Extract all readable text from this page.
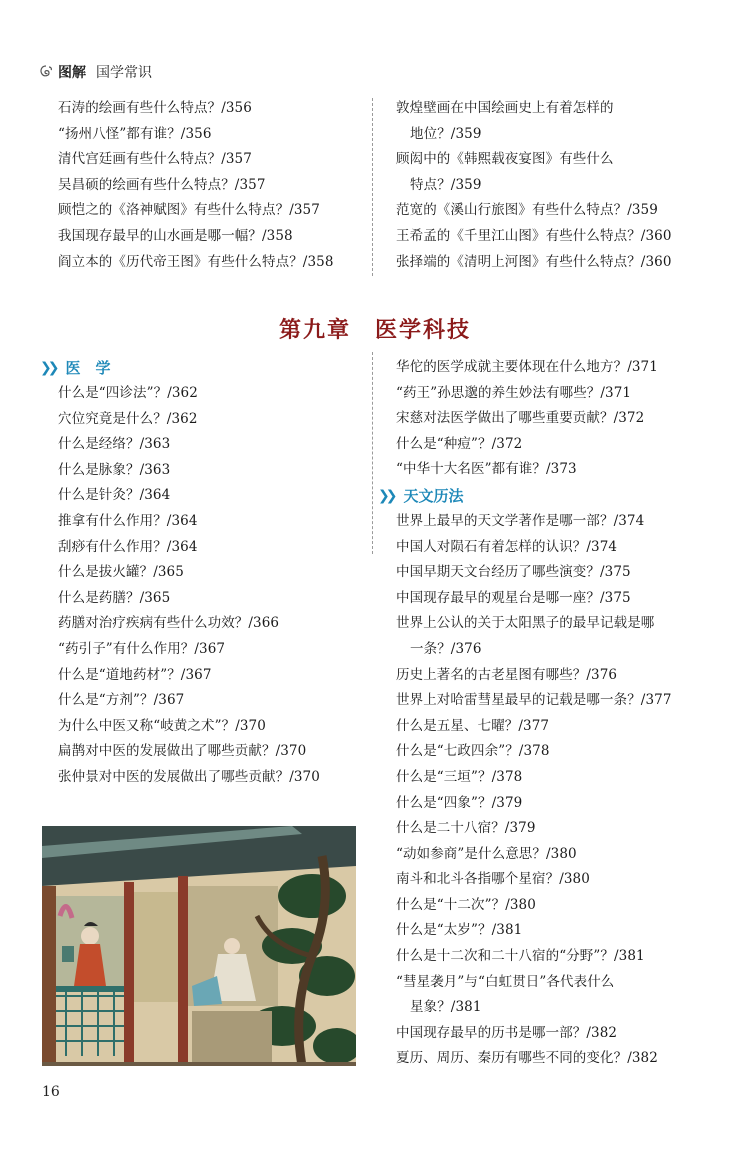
图解 国学常识
石涛的绘画有些什么特点？/356
“扬州八怪”都有谁？/356
清代宫廷画有些什么特点？/357
吴昌硕的绘画有些什么特点？/357
顾恺之的《洛神赋图》有些什么特点？/357
我国现存最早的山水画是哪一幅？/358
阎立本的《历代帝王图》有些什么特点？/358
敦煌壁画在中国绘画史上有着怎样的
地位？/359
顾闳中的《韩熙载夜宴图》有些什么
特点？/359
范宽的《溪山行旅图》有些什么特点？/359
王希孟的《千里江山图》有些什么特点？/360
张择端的《清明上河图》有些什么特点？/360
第九章　医学科技
❯❯ 医　学
什么是“四诊法”？/362
穴位究竟是什么？/362
什么是经络？/363
什么是脉象？/363
什么是针灸？/364
推拿有什么作用？/364
刮痧有什么作用？/364
什么是拔火罐？/365
什么是药膳？/365
药膳对治疗疾病有些什么功效？/366
“药引子”有什么作用？/367
什么是“道地药材”？/367
什么是“方剂”？/367
为什么中医又称“岐黄之术”？/370
扁鹊对中医的发展做出了哪些贡献？/370
张仲景对中医的发展做出了哪些贡献？/370
华佗的医学成就主要体现在什么地方？/371
“药王”孙思邈的养生妙法有哪些？/371
宋慈对法医学做出了哪些重要贡献？/372
什么是“种痘”？/372
“中华十大名医”都有谁？/373
❯❯ 天文历法
世界上最早的天文学著作是哪一部？/374
中国人对陨石有着怎样的认识？/374
中国早期天文台经历了哪些演变？/375
中国现存最早的观星台是哪一座？/375
世界上公认的关于太阳黑子的最早记载是哪
一条？/376
历史上著名的古老星图有哪些？/376
世界上对哈雷彗星最早的记载是哪一条？/377
什么是五星、七曜？/377
什么是“七政四余”？/378
什么是“三垣”？/378
什么是“四象”？/379
什么是二十八宿？/379
“动如参商”是什么意思？/380
南斗和北斗各指哪个星宿？/380
什么是“十二次”？/380
什么是“太岁”？/381
什么是十二次和二十八宿的“分野”？/381
“彗星袭月”与“白虹贯日”各代表什么
星象？/381
中国现存最早的历书是哪一部？/382
夏历、周历、秦历有哪些不同的变化？/382
16
